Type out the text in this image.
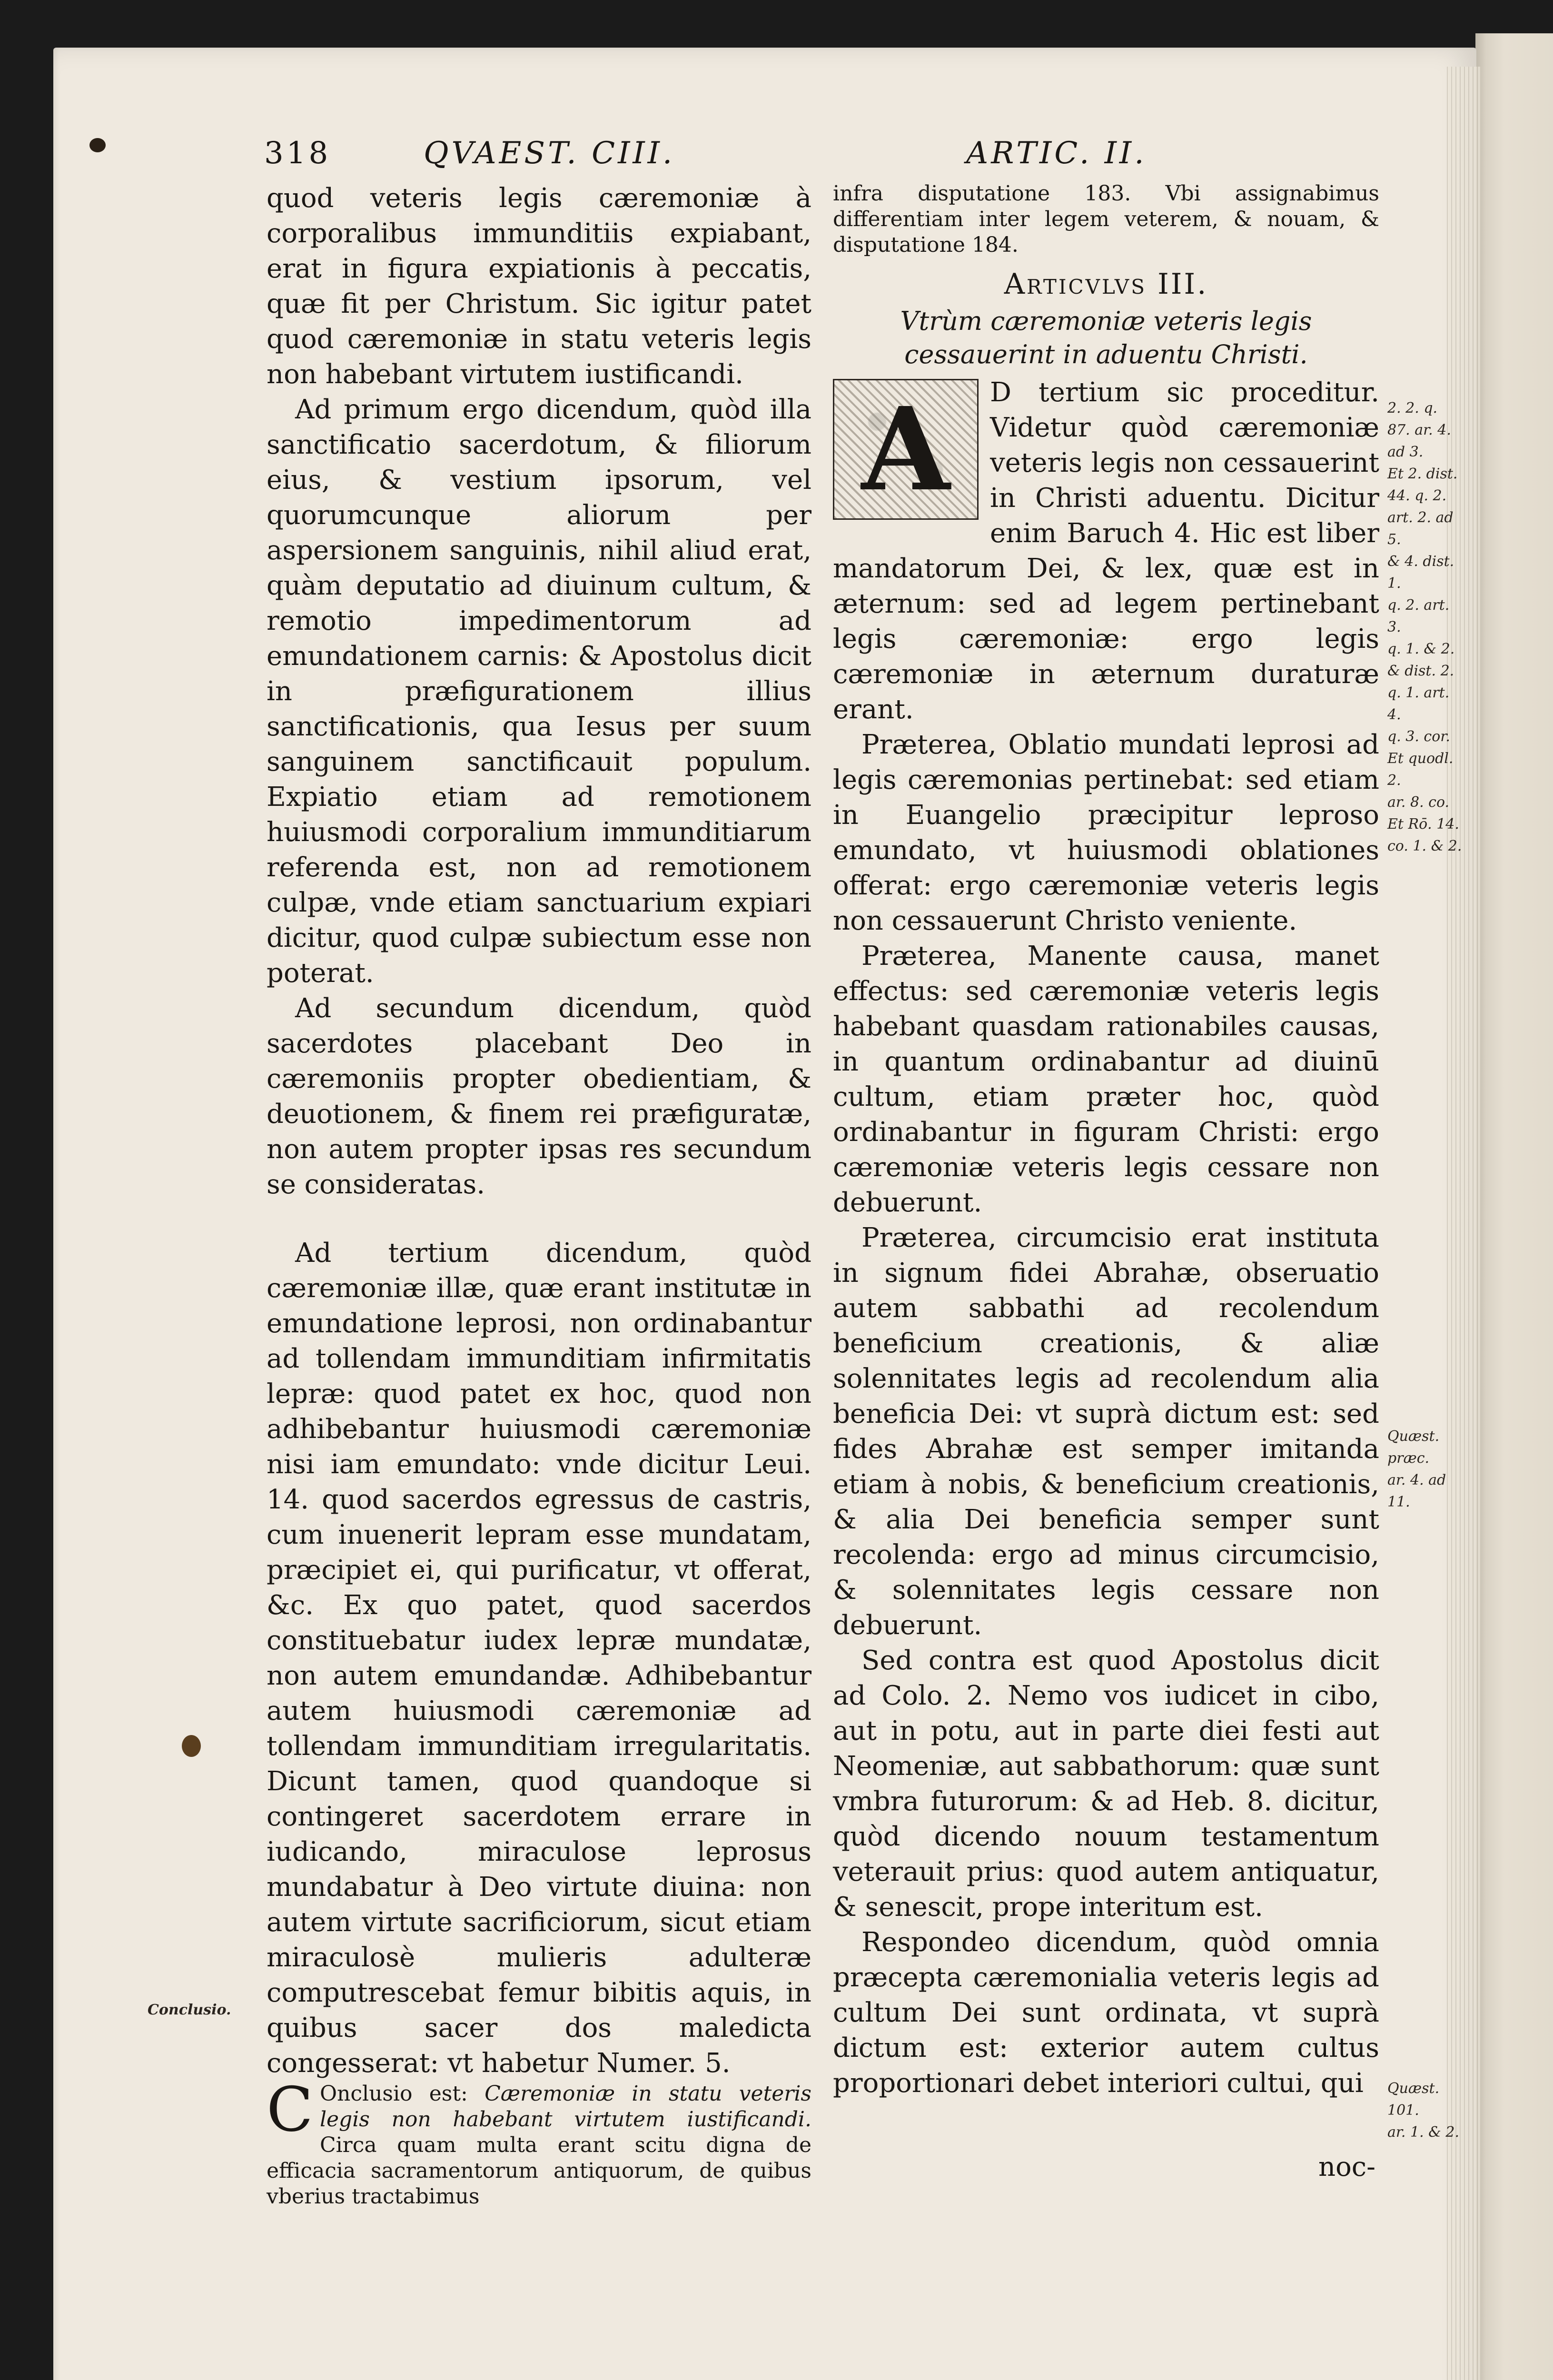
318	QVAEST. CIII.	ARTIC. II.

quod veteris legis cæremoniæ à corporalibus immunditiis expiabant, erat in figura expiationis à peccatis, quæ fit per Christum. Sic igitur patet quod cæremoniæ in statu veteris legis non habebant virtutem iustificandi.

Ad primum ergo dicendum, quòd illa sanctificatio sacerdotum, & filiorum eius, & vestium ipsorum, vel quorumcunque aliorum per aspersionem sanguinis, nihil aliud erat, quàm deputatio ad diuinum cultum, & remotio impedimentorum ad emundationem carnis: & Apostolus dicit in præfigurationem illius sanctificationis, qua Iesus per suum sanguinem sanctificauit populum. Expiatio etiam ad remotionem huiusmodi corporalium immunditiarum referenda est, non ad remotionem culpæ, vnde etiam sanctuarium expiari dicitur, quod culpæ subiectum esse non poterat.

Ad secundum dicendum, quòd sacerdotes placebant Deo in cæremoniis propter obedientiam, & deuotionem, & finem rei præfiguratæ, non autem propter ipsas res secundum se consideratas.

Ad tertium dicendum, quòd cæremoniæ illæ, quæ erant institutæ in emundatione leprosi, non ordinabantur ad tollendam immunditiam infirmitatis lepræ: quod patet ex hoc, quod non adhibebantur huiusmodi cæremoniæ nisi iam emundato: vnde dicitur Leui. 14. quod sacerdos egressus de castris, cum inuenerit lepram esse mundatam, præcipiet ei, qui purificatur, vt offerat, &c. Ex quo patet, quod sacerdos constituebatur iudex lepræ mundatæ, non autem emundandæ. Adhibebantur autem huiusmodi cæremoniæ ad tollendam immunditiam irregularitatis. Dicunt tamen, quod quandoque si contingeret sacerdotem errare in iudicando, miraculose leprosus mundabatur à Deo virtute diuina: non autem virtute sacrificiorum, sicut etiam miraculosè mulieris adulteræ computrescebat femur bibitis aquis, in quibus sacer dos maledicta congesserat: vt habetur Numer. 5.

C Onclusio est: Cæremoniæ in statu veteris legis non habebant virtutem iustificandi. Circa quam multa erant scitu digna de efficacia sacramentorum antiquorum, de quibus vberius tractabimus

infra disputatione 183. Vbi assignabimus differentiam inter legem veterem, & nouam, & disputatione 184.

Articvlvs III.
Vtrùm cæremoniæ veteris legis cessauerint in aduentu Christi.

A	D tertium sic proceditur. Videtur quòd cæremoniæ veteris legis non cessauerint in Christi aduentu. Dicitur enim Baruch 4. Hic est liber mandatorum Dei, & lex, quæ est in æternum: sed ad legem pertinebant legis cæremoniæ: ergo legis cæremoniæ in æternum duraturæ erant.

Præterea, Oblatio mundati leprosi ad legis cæremonias pertinebat: sed etiam in Euangelio præcipitur leproso emundato, vt huiusmodi oblationes offerat: ergo cæremoniæ veteris legis non cessauerunt Christo veniente.

Præterea, Manente causa, manet effectus: sed cæremoniæ veteris legis habebant quasdam rationabiles causas, in quantum ordinabantur ad diuinū cultum, etiam præter hoc, quòd ordinabantur in figuram Christi: ergo cæremoniæ veteris legis cessare non debuerunt.

Præterea, circumcisio erat instituta in signum fidei Abrahæ, obseruatio autem sabbathi ad recolendum beneficium creationis, & aliæ solennitates legis ad recolendum alia beneficia Dei: vt suprà dictum est: sed fides Abrahæ est semper imitanda etiam à nobis, & beneficium creationis, & alia Dei beneficia semper sunt recolenda: ergo ad minus circumcisio, & solennitates legis cessare non debuerunt.

Sed contra est quod Apostolus dicit ad Colo. 2. Nemo vos iudicet in cibo, aut in potu, aut in parte diei festi aut Neomeniæ, aut sabbathorum: quæ sunt vmbra futurorum: & ad Heb. 8. dicitur, quòd dicendo nouum testamentum veterauit prius: quod autem antiquatur, & senescit, prope interitum est.

Respondeo dicendum, quòd omnia præcepta cæremonialia veteris legis ad cultum Dei sunt ordinata, vt suprà dictum est: exterior autem cultus proportionari debet interiori cultui, qui

noc-
2. 2. q. 87. ar. 4. ad 3.
Et 2. dist. 44. q. 2.
art. 2. ad 5.
& 4. dist. 1.
q. 2. art. 3.
q. 1. & 2.
& dist. 2.
q. 1. art. 4.
q. 3. cor.
Et quodl. 2.
ar. 8. co.
Et Rō. 14.
co. 1. & 2.
Quæst. præc.
ar. 4. ad 11.
Quæst. 101.
ar. 1. & 2.
Conclusio.
